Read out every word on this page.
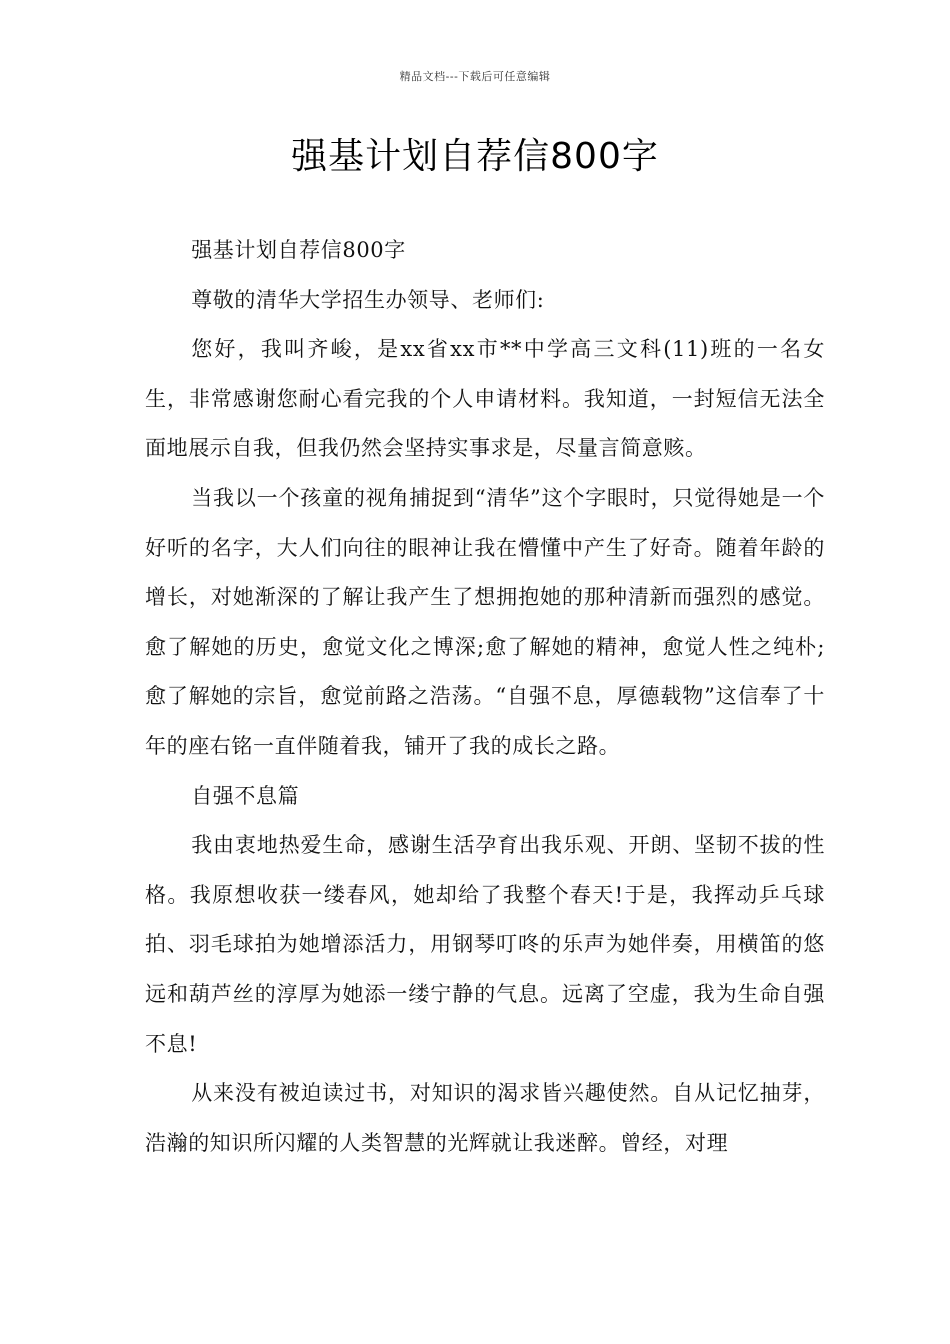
精品文档---下载后可任意编辑
强基计划自荐信800字

强基计划自荐信800字

尊敬的清华大学招生办领导、老师们:

您好，我叫齐峻，是xx省xx市**中学高三文科(11)班的一名女生，非常感谢您耐心看完我的个人申请材料。我知道，一封短信无法全面地展示自我，但我仍然会坚持实事求是，尽量言简意赅。

当我以一个孩童的视角捕捉到“清华”这个字眼时，只觉得她是一个好听的名字，大人们向往的眼神让我在懵懂中产生了好奇。随着年龄的增长，对她渐深的了解让我产生了想拥抱她的那种清新而强烈的感觉。愈了解她的历史，愈觉文化之博深;愈了解她的精神，愈觉人性之纯朴;愈了解她的宗旨，愈觉前路之浩荡。“自强不息，厚德载物”这信奉了十年的座右铭一直伴随着我，铺开了我的成长之路。

自强不息篇

我由衷地热爱生命，感谢生活孕育出我乐观、开朗、坚韧不拔的性格。我原想收获一缕春风，她却给了我整个春天!于是，我挥动乒乓球拍、羽毛球拍为她增添活力，用钢琴叮咚的乐声为她伴奏，用横笛的悠远和葫芦丝的淳厚为她添一缕宁静的气息。远离了空虚，我为生命自强不息!

从来没有被迫读过书，对知识的渴求皆兴趣使然。自从记忆抽芽，浩瀚的知识所闪耀的人类智慧的光辉就让我迷醉。曾经，对理
